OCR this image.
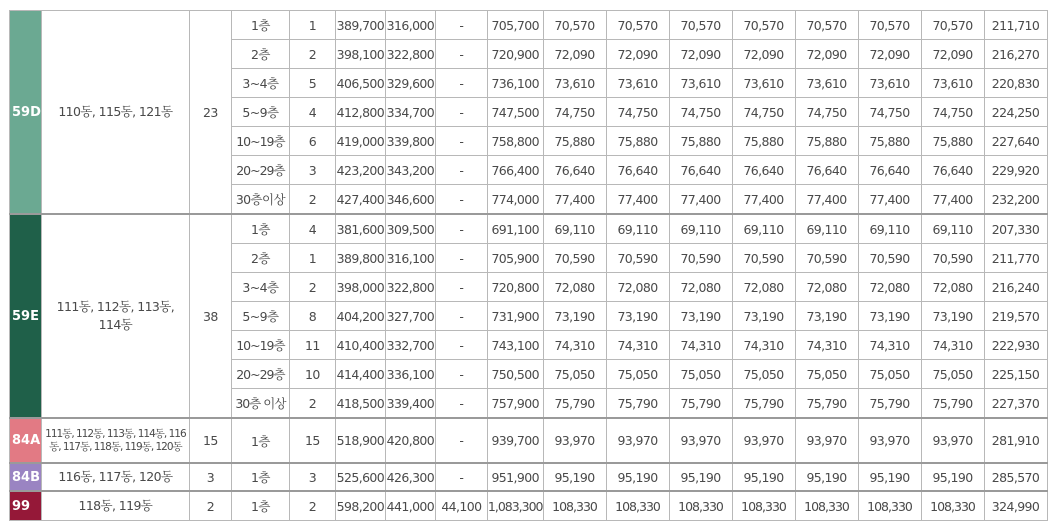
59D	110동, 115동, 121동	23	1층	1	389,700	316,000	-	705,700	70,570	70,570	70,570	70,570	70,570	70,570	70,570	211,710
			2층	2	398,100	322,800	-	720,900	72,090	72,090	72,090	72,090	72,090	72,090	72,090	216,270
			3~4층	5	406,500	329,600	-	736,100	73,610	73,610	73,610	73,610	73,610	73,610	73,610	220,830
			5~9층	4	412,800	334,700	-	747,500	74,750	74,750	74,750	74,750	74,750	74,750	74,750	224,250
			10~19층	6	419,000	339,800	-	758,800	75,880	75,880	75,880	75,880	75,880	75,880	75,880	227,640
			20~29층	3	423,200	343,200	-	766,400	76,640	76,640	76,640	76,640	76,640	76,640	76,640	229,920
			30층이상	2	427,400	346,600	-	774,000	77,400	77,400	77,400	77,400	77,400	77,400	77,400	232,200
59E	111동, 112동, 113동, 114동	38	1층	4	381,600	309,500	-	691,100	69,110	69,110	69,110	69,110	69,110	69,110	69,110	207,330
			2층	1	389,800	316,100	-	705,900	70,590	70,590	70,590	70,590	70,590	70,590	70,590	211,770
			3~4층	2	398,000	322,800	-	720,800	72,080	72,080	72,080	72,080	72,080	72,080	72,080	216,240
			5~9층	8	404,200	327,700	-	731,900	73,190	73,190	73,190	73,190	73,190	73,190	73,190	219,570
			10~19층	11	410,400	332,700	-	743,100	74,310	74,310	74,310	74,310	74,310	74,310	74,310	222,930
			20~29층	10	414,400	336,100	-	750,500	75,050	75,050	75,050	75,050	75,050	75,050	75,050	225,150
			30층 이상	2	418,500	339,400	-	757,900	75,790	75,790	75,790	75,790	75,790	75,790	75,790	227,370
84A	111동, 112동, 113동, 114동, 116동, 117동, 118동, 119동, 120동	15	1층	15	518,900	420,800	-	939,700	93,970	93,970	93,970	93,970	93,970	93,970	93,970	281,910
84B	116동, 117동, 120동	3	1층	3	525,600	426,300	-	951,900	95,190	95,190	95,190	95,190	95,190	95,190	95,190	285,570
99	118동, 119동	2	1층	2	598,200	441,000	44,100	1,083,300	108,330	108,330	108,330	108,330	108,330	108,330	108,330	324,990
